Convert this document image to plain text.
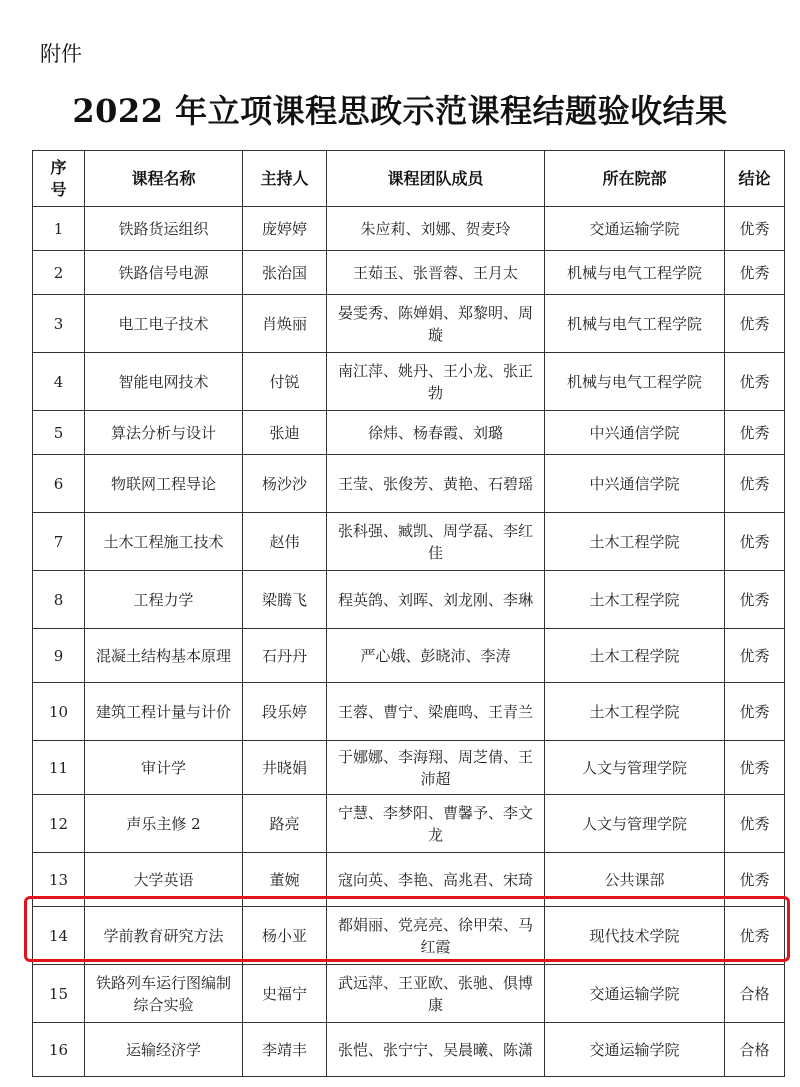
附件
2022 年立项课程思政示范课程结题验收结果
序号	课程名称	主持人	课程团队成员	所在院部	结论
1	铁路货运组织	庞婷婷	朱应莉、刘娜、贺麦玲	交通运输学院	优秀
2	铁路信号电源	张治国	王茹玉、张晋蓉、王月太	机械与电气工程学院	优秀
3	电工电子技术	肖焕丽	晏雯秀、陈婵娟、郑黎明、周璇	机械与电气工程学院	优秀
4	智能电网技术	付锐	南江萍、姚丹、王小龙、张正勃	机械与电气工程学院	优秀
5	算法分析与设计	张迪	徐炜、杨春霞、刘璐	中兴通信学院	优秀
6	物联网工程导论	杨沙沙	王莹、张俊芳、黄艳、石碧瑶	中兴通信学院	优秀
7	土木工程施工技术	赵伟	张科强、臧凯、周学磊、李红佳	土木工程学院	优秀
8	工程力学	梁腾飞	程英鸽、刘晖、刘龙刚、李琳	土木工程学院	优秀
9	混凝土结构基本原理	石丹丹	严心娥、彭晓沛、李涛	土木工程学院	优秀
10	建筑工程计量与计价	段乐婷	王蓉、曹宁、梁鹿鸣、王青兰	土木工程学院	优秀
11	审计学	井晓娟	于娜娜、李海翔、周芝倩、王沛超	人文与管理学院	优秀
12	声乐主修 2	路亮	宁慧、李梦阳、曹馨予、李文龙	人文与管理学院	优秀
13	大学英语	董婉	寇向英、李艳、高兆君、宋琦	公共课部	优秀
14	学前教育研究方法	杨小亚	都娟丽、党亮亮、徐甲荣、马红霞	现代技术学院	优秀
15	铁路列车运行图编制综合实验	史福宁	武远萍、王亚欧、张驰、俱博康	交通运输学院	合格
16	运输经济学	李靖丰	张恺、张宁宁、吴晨曦、陈潇	交通运输学院	合格
